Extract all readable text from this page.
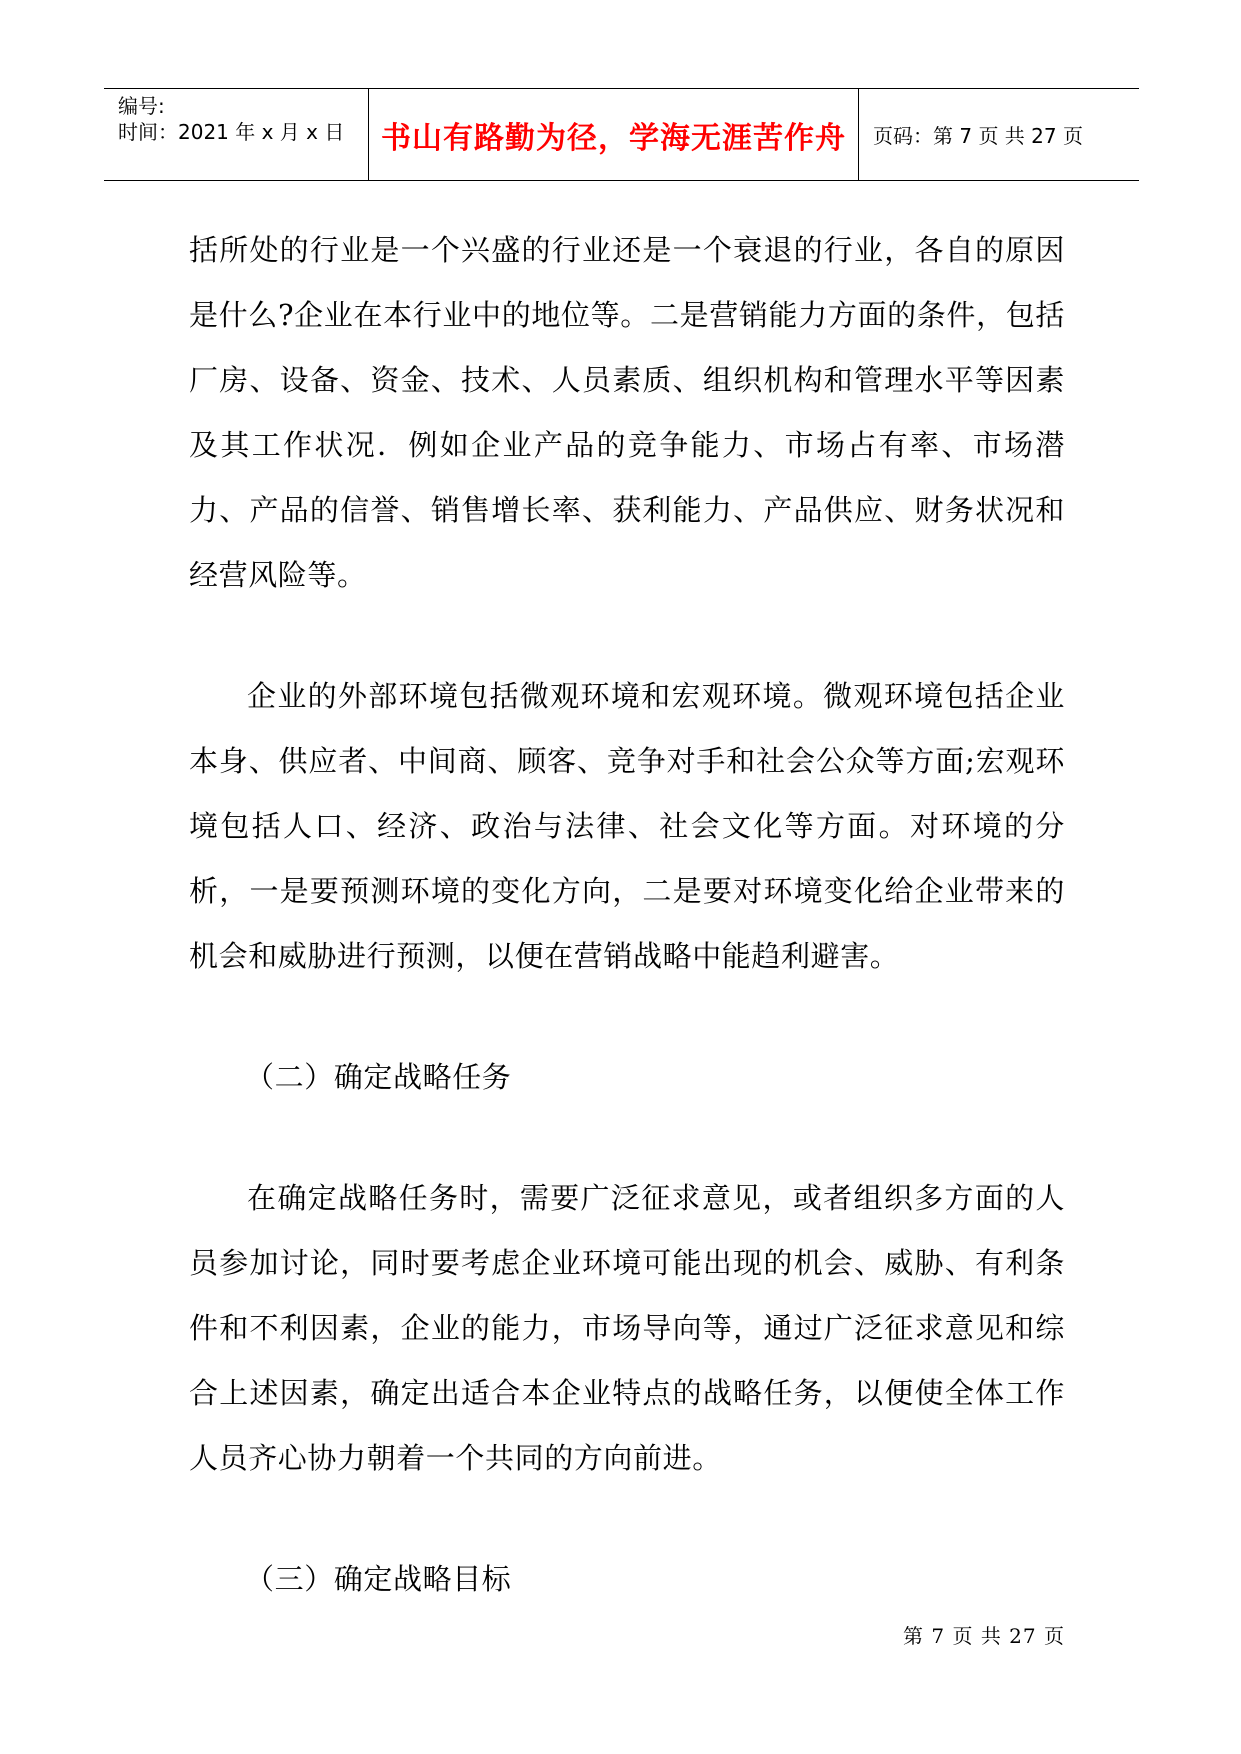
编号:
时间：2021 年 x 月 x 日	书山有路勤为径，学海无涯苦作舟	页码：第 7 页 共 27 页

括所处的行业是一个兴盛的行业还是一个衰退的行业，各自的原因是什么?企业在本行业中的地位等。二是营销能力方面的条件，包括厂房、设备、资金、技术、人员素质、组织机构和管理水平等因素及其工作状况．例如企业产品的竞争能力、市场占有率、市场潜力、产品的信誉、销售增长率、获利能力、产品供应、财务状况和经营风险等。

企业的外部环境包括微观环境和宏观环境。微观环境包括企业本身、供应者、中间商、顾客、竞争对手和社会公众等方面;宏观环境包括人口、经济、政治与法律、社会文化等方面。对环境的分析，一是要预测环境的变化方向，二是要对环境变化给企业带来的机会和威胁进行预测，以便在营销战略中能趋利避害。

（二）确定战略任务

在确定战略任务时，需要广泛征求意见，或者组织多方面的人员参加讨论，同时要考虑企业环境可能出现的机会、威胁、有利条件和不利因素，企业的能力，市场导向等，通过广泛征求意见和综合上述因素，确定出适合本企业特点的战略任务，以便使全体工作人员齐心协力朝着一个共同的方向前进。

（三）确定战略目标

第 7 页 共 27 页
